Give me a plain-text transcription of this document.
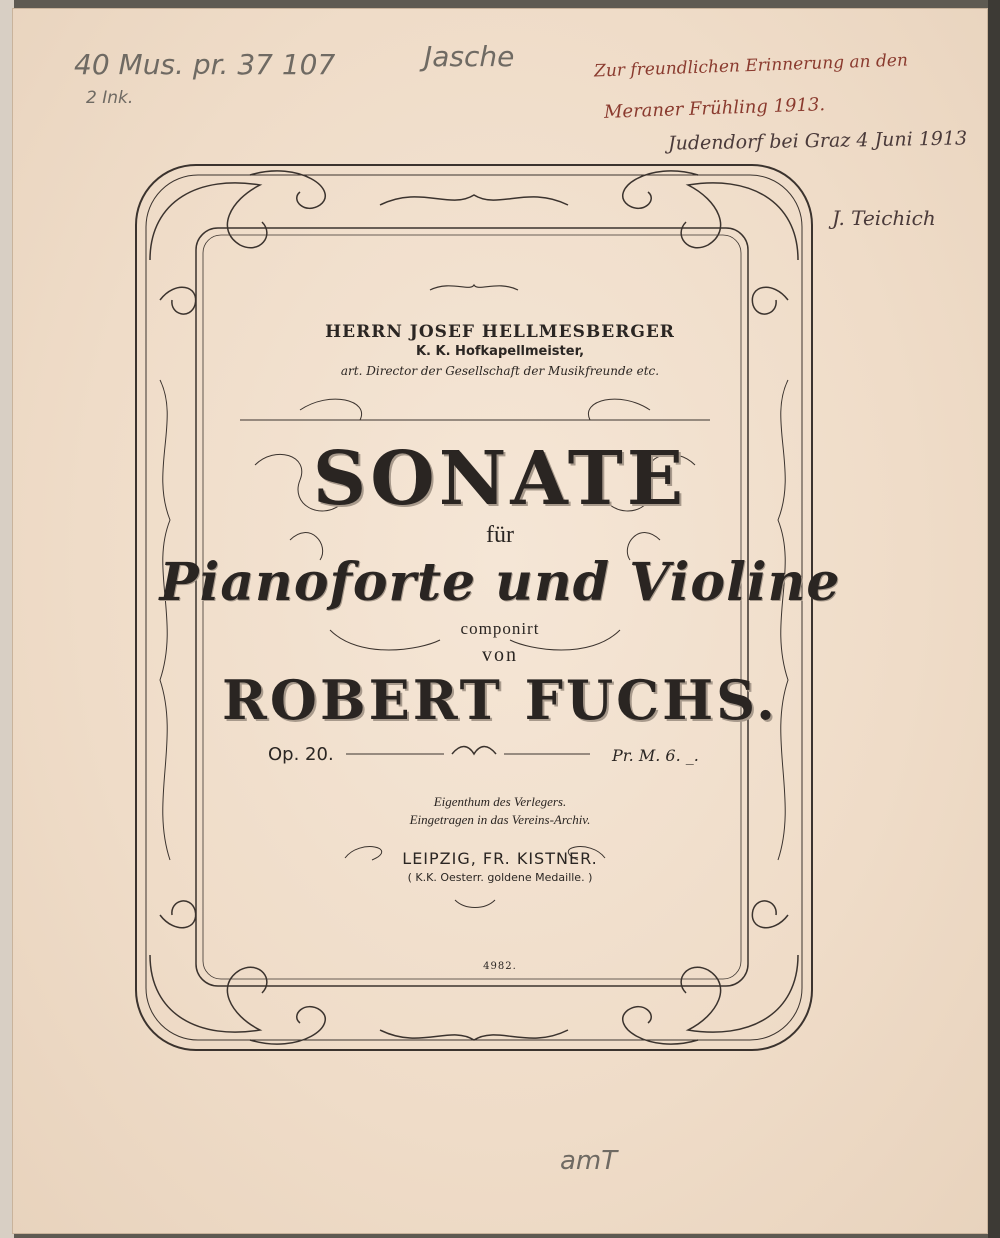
40 Mus. pr. 37 107
2 Ink.
Jasche	Zur freundlichen Erinnerung an den
Meraner Frühling 1913.
Judendorf bei Graz 4 Juni 1913
J. Teichich
amT
HERRN JOSEF HELLMESBERGER
K. K. Hofkapellmeister,
art. Director der Gesellschaft der Musikfreunde etc.
SONATE
für
Pianoforte und Violine
componirt
von
ROBERT FUCHS.
Op. 20.	Pr. M. 6. _.
Eigenthum des Verlegers.
Eingetragen in das Vereins-Archiv.
LEIPZIG, FR. KISTNER.
( K.K. Oesterr. goldene Medaille. )
4982.
